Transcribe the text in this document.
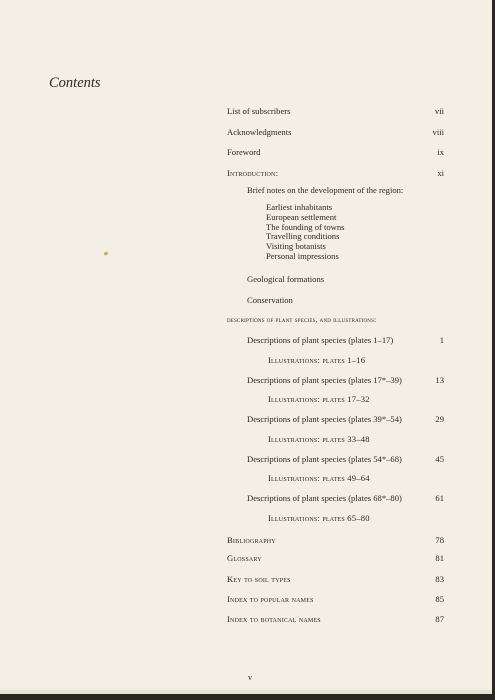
Contents
List of subscribers	vii
Acknowledgments	viii
Foreword	ix
Introduction:	xi
Brief notes on the development of the region:
Earliest inhabitants
European settlement
The founding of towns
Travelling conditions
Visiting botanists
Personal impressions
Geological formations
Conservation
descriptions of plant species, and illustrations:
Descriptions of plant species (plates 1–17)	1
Illustrations: plates 1–16
Descriptions of plant species (plates 17*–39)	13
Illustrations: plates 17–32
Descriptions of plant species (plates 39*–54)	29
Illustrations: plates 33–48
Descriptions of plant species (plates 54*–68)	45
Illustrations: plates 49–64
Descriptions of plant species (plates 68*–80)	61
Illustrations: plates 65–80
Bibliography	78
Glossary	81
Key to soil types	83
Index to popular names	85
Index to botanical names	87
v
